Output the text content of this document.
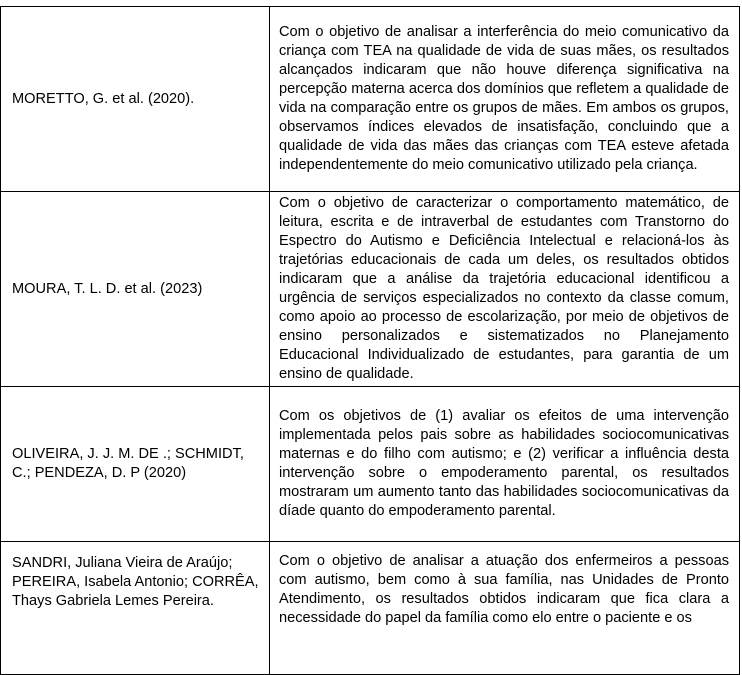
MORETTO, G. et al. (2020).	Com o objetivo de analisar a interferência do meio comunicativo da criança com TEA na qualidade de vida de suas mães, os resultados alcançados indicaram que não houve diferença significativa na percepção materna acerca dos domínios que refletem a qualidade de vida na comparação entre os grupos de mães. Em ambos os grupos, observamos índices elevados de insatisfação, concluindo que a qualidade de vida das mães das crianças com TEA esteve afetada independentemente do meio comunicativo utilizado pela criança.

MOURA, T. L. D. et al. (2023)	Com o objetivo de caracterizar o comportamento matemático, de leitura, escrita e de intraverbal de estudantes com Transtorno do Espectro do Autismo e Deficiência Intelectual e relacioná-los às trajetórias educacionais de cada um deles, os resultados obtidos indicaram que a análise da trajetória educacional identificou a urgência de serviços especializados no contexto da classe comum, como apoio ao processo de escolarização, por meio de objetivos de ensino personalizados e sistematizados no Planejamento Educacional Individualizado de estudantes, para garantia de um ensino de qualidade.

OLIVEIRA, J. J. M. DE .; SCHMIDT, C.; PENDEZA, D. P (2020)	Com os objetivos de (1) avaliar os efeitos de uma intervenção implementada pelos pais sobre as habilidades sociocomunicativas maternas e do filho com autismo; e (2) verificar a influência desta intervenção sobre o empoderamento parental, os resultados mostraram um aumento tanto das habilidades sociocomunicativas da díade quanto do empoderamento parental.

SANDRI, Juliana Vieira de Araújo; PEREIRA, Isabela Antonio; CORRÊA, Thays Gabriela Lemes Pereira.	Com o objetivo de analisar a atuação dos enfermeiros a pessoas com autismo, bem como à sua família, nas Unidades de Pronto Atendimento, os resultados obtidos indicaram que fica clara a necessidade do papel da família como elo entre o paciente e os
